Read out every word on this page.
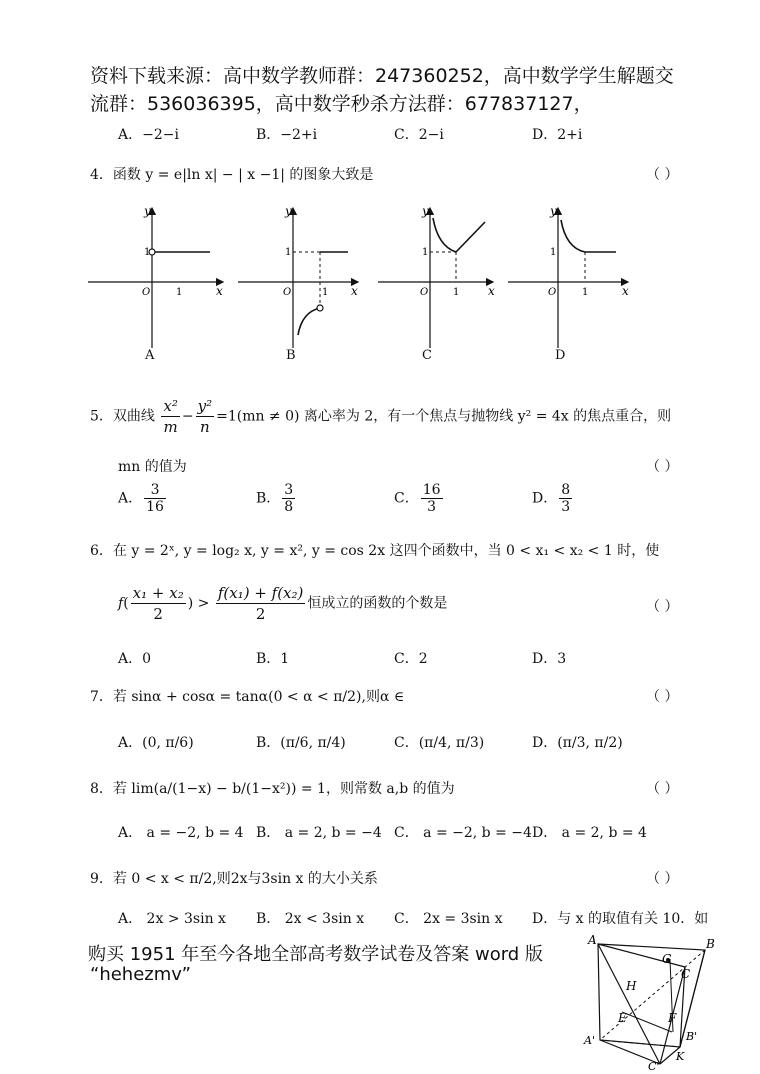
资料下载来源：高中数学教师群：247360252，高中数学学生解题交
流群：536036395，高中数学秒杀方法群：677837127，
A．−2−i	B．−2+i	C．2−i	D．2+i
4．函数 y = e|ln x| − | x −1| 的图象大致是	（ ）
y
x
O
1
1
y
x
O
1
1
y
x
O
1
1
y
x
O
1
1
A	B	C	D
5．双曲线 $\frac{\text{x²}}{m} - \frac{\text{y²}}{n} =1(mn \ne 0)$ 离心率为 2，有一个焦点与抛物线 y² = 4x 的焦点重合，则
mn 的值为	（ ）
A． $\frac{3}{16}$	B． $\frac{3}{8}$	C． $\frac{16}{3}$	D． $\frac{8}{3}$
6．在 y = 2ˣ, y = log₂ x, y = x², y = cos 2x 这四个函数中，当 0 < x₁ < x₂ < 1 时，使
$f( \frac{\text{x₁ + x₂}}{2}$ ) > $\frac{\text{f(x₁) + f(x₂)}}{2}$ 恒成立的函数的个数是	（ ）
A．0	B．1	C．2	D．3
7．若 sinα + cosα = tanα(0 < α < π/2),则α ∈	（ ）
A．(0, π/6)	B．(π/6, π/4)	C．(π/4, π/3)	D．(π/3, π/2)
8．若 lim(a/(1−x) − b/(1−x²)) = 1，则常数 a,b 的值为	（ ）
A． a = −2, b = 4 B． a = 2, b = −4 C． a = −2, b = −4 D． a = 2, b = 4
9．若 0 < x < π/2,则2x与3sin x 的大小关系	（ ）
A． 2x > 3sin x B． 2x < 3sin x C． 2x = 3sin x D．与 x 的取值有关 10．如
购买 1951 年至今各地全部高考数学试卷及答案 word 版
“hehezmv”
A	B
G
C
H
E	F
B'
A'
C'
K
